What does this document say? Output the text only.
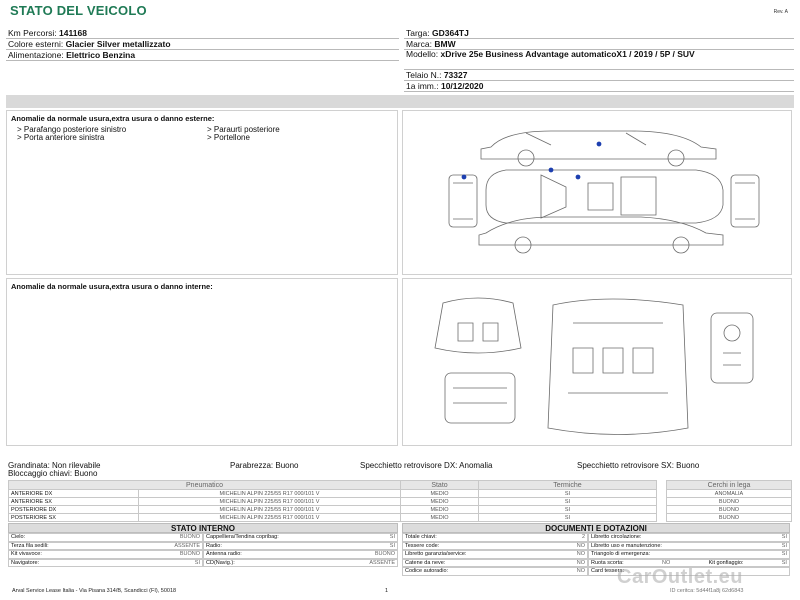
STATO DEL VEICOLO	Rev. A
Km Percorsi: 141168
Colore esterni: Glacier Silver metallizzato
Alimentazione: Elettrico Benzina
Targa: GD364TJ
Marca: BMW
Modello: xDrive 25e Business Advantage automaticoX1 / 2019 / 5P / SUV
Telaio N.: 73327
1a imm.: 10/12/2020
Anomalie da normale usura,extra usura o danno esterne:
> Parafango posteriore sinistro	> Paraurti posteriore
> Porta anteriore sinistra	> Portellone
Anomalie da normale usura,extra usura o danno interne:
Grandinata: Non rilevabile	Parabrezza: Buono	Specchietto retrovisore DX: Anomalia	Specchietto retrovisore SX: Buono
Bloccaggio chiavi: Buono
Pneumatico		Stato	Termiche		Cerchi in lega
ANTERIORE DX	MICHELIN ALPIN 225/55 R17 000/101 V	MEDIO	SI		ANOMALIA
ANTERIORE SX	MICHELIN ALPIN 225/55 R17 000/101 V	MEDIO	SI		BUONO
POSTERIORE DX	MICHELIN ALPIN 225/55 R17 000/101 V	MEDIO	SI		BUONO
POSTERIORE SX	MICHELIN ALPIN 225/55 R17 000/101 V	MEDIO	SI		BUONO
STATO INTERNO
Cielo:	BUONO Cappelliera/Tendina copribag:	SI
Terza fila sedili:	ASSENTE Radio:	SI
Kit vivavoce:	BUONO Antenna radio:	BUONO
Navigatore:	SI CD(Navig.):	ASSENTE
DOCUMENTI E DOTAZIONI
Totale chiavi:	2 Libretto circolazione:	SI
Tessere code:	NO Libretto uso e manutenzione:	SI
Libretto garanzia/service:	NO Triangolo di emergenza:	SI
Catene da neve:	NO Ruota scorta:	NO	Kit gonfiaggio:	SI
Codice autoradio:	NO Card tessera:
Arval Service Lease Italia - Via Pisana 314/B, Scandicci (FI), 50018	1	ID ceritca: 5d44f1a8j 62d6843
CarOutlet.eu
